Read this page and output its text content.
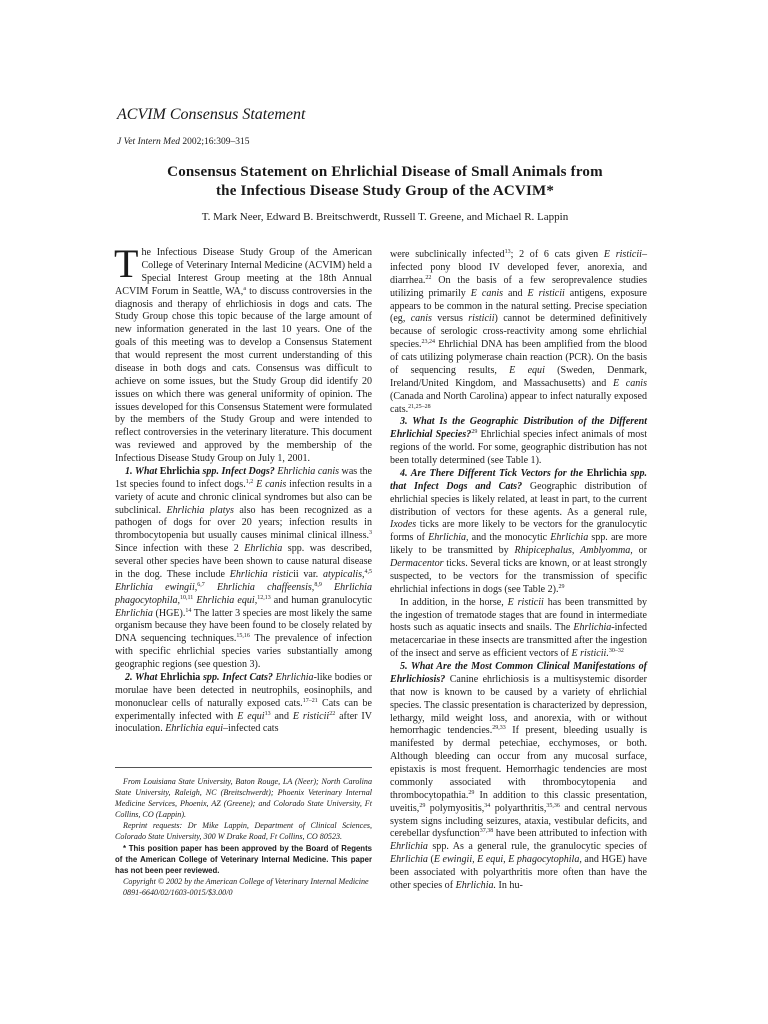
ACVIM Consensus Statement
J Vet Intern Med 2002;16:309–315
Consensus Statement on Ehrlichial Disease of Small Animals from
the Infectious Disease Study Group of the ACVIM*
T. Mark Neer, Edward B. Breitschwerdt, Russell T. Greene, and Michael R. Lappin

The Infectious Disease Study Group of the American College of Veterinary Internal Medicine (ACVIM) held a Special Interest Group meeting at the 18th Annual ACVIM Forum in Seattle, WA,$^a$ to discuss controversies in the diagnosis and therapy of ehrlichiosis in dogs and cats. The Study Group chose this topic because of the large amount of new information generated in the last 10 years. One of the goals of this meeting was to develop a Consensus Statement that would represent the most current understanding of this disease in both dogs and cats. Consensus was difficult to achieve on some issues, but the Study Group did identify 20 issues on which there was general uniformity of opinion. The issues developed for this Consensus Statement were formulated by the members of the Study Group and were intended to reflect controversies in the veterinary literature. This document was reviewed and approved by the membership of the Infectious Disease Study Group on July 1, 2001.

1. What Ehrlichia spp. Infect Dogs? Ehrlichia canis was the 1st species found to infect dogs.$^{1,2}$ E canis infection results in a variety of acute and chronic clinical syndromes but also can be subclinical. Ehrlichia platys also has been recognized as a pathogen of dogs for over 20 years; infection results in thrombocytopenia but usually causes minimal clinical illness.$^3$ Since infection with these 2 Ehrlichia spp. was described, several other species have been shown to cause natural disease in the dog. These include Ehrlichia risticii var. atypicalis,$^{4,5}$ Ehrlichia ewingii,$^{6,7}$ Ehrlichia chaffeensis,$^{8,9}$ Ehrlichia phagocytophila,$^{10,11}$ Ehrlichia equi,$^{12,13}$ and human granulocytic Ehrlichia (HGE).$^{14}$ The latter 3 species are most likely the same organism because they have been found to be closely related by DNA sequencing techniques.$^{15,16}$ The prevalence of infection with specific ehrlichial species varies substantially among geographic regions (see question 3).

2. What Ehrlichia spp. Infect Cats? Ehrlichia-like bodies or morulae have been detected in neutrophils, eosinophils, and mononuclear cells of naturally exposed cats.$^{17-21}$ Cats can be experimentally infected with E equi$^{13}$ and E risticii$^{22}$ after IV inoculation. Ehrlichia equi–infected cats

were subclinically infected$^{13}$; 2 of 6 cats given E risticii–infected pony blood IV developed fever, anorexia, and diarrhea.$^{22}$ On the basis of a few seroprevalence studies utilizing primarily E canis and E risticii antigens, exposure appears to be common in the natural setting. Precise speciation (eg, canis versus risticii) cannot be determined definitively because of serologic cross-reactivity among some ehrlichial species.$^{23,24}$ Ehrlichial DNA has been amplified from the blood of cats utilizing polymerase chain reaction (PCR). On the basis of sequencing results, E equi (Sweden, Denmark, Ireland/United Kingdom, and Massachusetts) and E canis (Canada and North Carolina) appear to infect naturally exposed cats.$^{21,25-28}$

3. What Is the Geographic Distribution of the Different Ehrlichial Species?$^{29}$ Ehrlichial species infect animals of most regions of the world. For some, geographic distribution has not been totally determined (see Table 1).

4. Are There Different Tick Vectors for the Ehrlichia spp. that Infect Dogs and Cats? Geographic distribution of ehrlichial species is likely related, at least in part, to the current distribution of vectors for these agents. As a general rule, Ixodes ticks are more likely to be vectors for the granulocytic forms of Ehrlichia, and the monocytic Ehrlichia spp. are more likely to be transmitted by Rhipicephalus, Amblyomma, or Dermacentor ticks. Several ticks are known, or at least strongly suspected, to be vectors for the transmission of specific ehrlichial infections in dogs (see Table 2).$^{29}$

In addition, in the horse, E risticii has been transmitted by the ingestion of trematode stages that are found in intermediate hosts such as aquatic insects and snails. The Ehrlichia-infected metacercariae in these insects are transmitted after the ingestion of the insect and serve as efficient vectors of E risticii.$^{30-32}$

5. What Are the Most Common Clinical Manifestations of Ehrlichiosis? Canine ehrlichiosis is a multisystemic disorder that now is known to be caused by a variety of ehrlichial species. The classic presentation is characterized by depression, lethargy, mild weight loss, and anorexia, with or without hemorrhagic tendencies.$^{29,33}$ If present, bleeding usually is manifested by dermal petechiae, ecchymoses, or both. Although bleeding can occur from any mucosal surface, epistaxis is most frequent. Hemorrhagic tendencies are most commonly associated with thrombocytopenia and thrombocytopathia.$^{29}$ In addition to this classic presentation, uveitis,$^{29}$ polymyositis,$^{34}$ polyarthritis,$^{35,36}$ and central nervous system signs including seizures, ataxia, vestibular deficits, and cerebellar dysfunction$^{37,38}$ have been attributed to infection with Ehrlichia spp. As a general rule, the granulocytic species of Ehrlichia (E ewingii, E equi, E phagocytophila, and HGE) have been associated with polyarthritis more often than have the other species of Ehrlichia. In hu-

From Louisiana State University, Baton Rouge, LA (Neer); North Carolina State University, Raleigh, NC (Breitschwerdt); Phoenix Veterinary Internal Medicine Services, Phoenix, AZ (Greene); and Colorado State University, Ft Collins, CO (Lappin).

Reprint requests: Dr Mike Lappin, Department of Clinical Sciences, Colorado State University, 300 W Drake Road, Ft Collins, CO 80523.

* This position paper has been approved by the Board of Regents of the American College of Veterinary Internal Medicine. This paper has not been peer reviewed.

Copyright © 2002 by the American College of Veterinary Internal Medicine

0891-6640/02/1603-0015/$3.00/0
